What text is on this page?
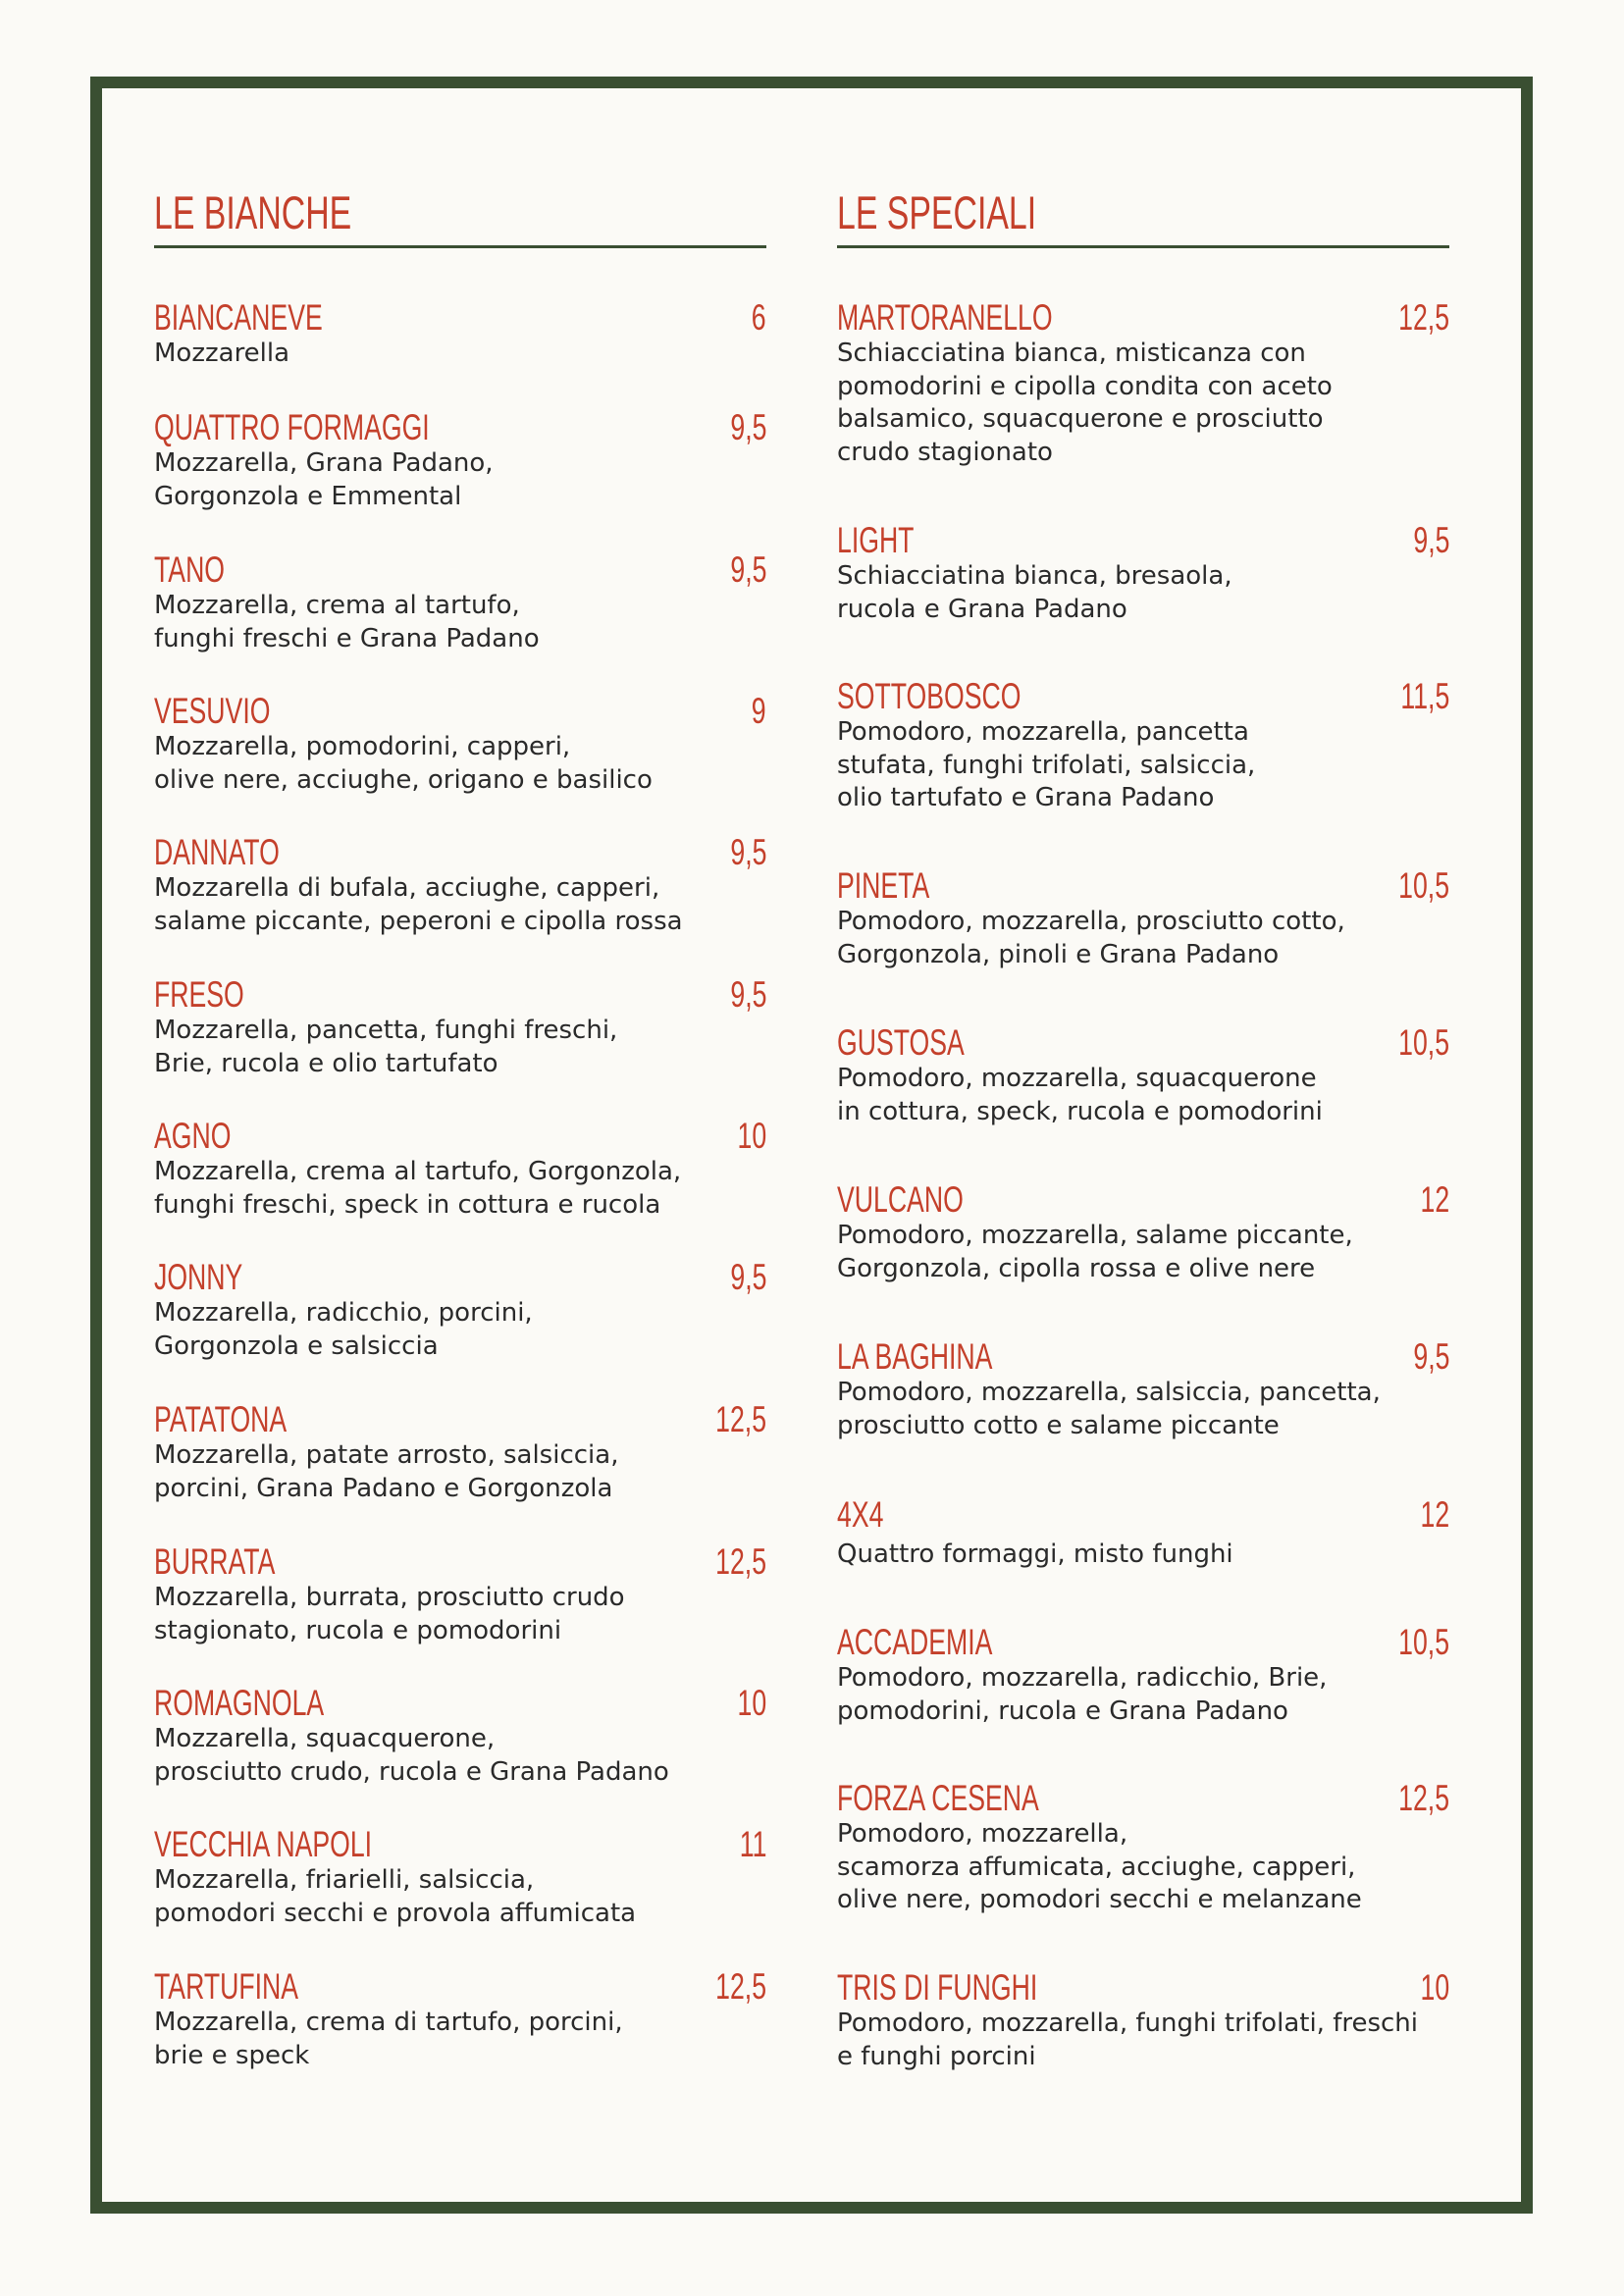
LE BIANCHE
BIANCANEVE	6

Mozzarella

QUATTRO FORMAGGI	9,5

Mozzarella, Grana Padano,
Gorgonzola e Emmental

TANO	9,5

Mozzarella, crema al tartufo,
funghi freschi e Grana Padano

VESUVIO	9

Mozzarella, pomodorini, capperi,
olive nere, acciughe, origano e basilico

DANNATO	9,5

Mozzarella di bufala, acciughe, capperi,
salame piccante, peperoni e cipolla rossa

FRESO	9,5

Mozzarella, pancetta, funghi freschi,
Brie, rucola e olio tartufato

AGNO	10

Mozzarella, crema al tartufo, Gorgonzola,
funghi freschi, speck in cottura e rucola

JONNY	9,5

Mozzarella, radicchio, porcini,
Gorgonzola e salsiccia

PATATONA	12,5

Mozzarella, patate arrosto, salsiccia,
porcini, Grana Padano e Gorgonzola

BURRATA	12,5

Mozzarella, burrata, prosciutto crudo
stagionato, rucola e pomodorini

ROMAGNOLA	10

Mozzarella, squacquerone,
prosciutto crudo, rucola e Grana Padano

VECCHIA NAPOLI	11

Mozzarella, friarielli, salsiccia,
pomodori secchi e provola affumicata

TARTUFINA	12,5

Mozzarella, crema di tartufo, porcini,
brie e speck

LE SPECIALI
MARTORANELLO	12,5

Schiacciatina bianca, misticanza con
pomodorini e cipolla condita con aceto
balsamico, squacquerone e prosciutto
crudo stagionato

LIGHT	9,5

Schiacciatina bianca, bresaola,
rucola e Grana Padano

SOTTOBOSCO	11,5

Pomodoro, mozzarella, pancetta
stufata, funghi trifolati, salsiccia,
olio tartufato e Grana Padano

PINETA	10,5

Pomodoro, mozzarella, prosciutto cotto,
Gorgonzola, pinoli e Grana Padano

GUSTOSA	10,5

Pomodoro, mozzarella, squacquerone
in cottura, speck, rucola e pomodorini

VULCANO	12

Pomodoro, mozzarella, salame piccante,
Gorgonzola, cipolla rossa e olive nere

LA BAGHINA	9,5

Pomodoro, mozzarella, salsiccia, pancetta,
prosciutto cotto e salame piccante

4X4	12

Quattro formaggi, misto funghi

ACCADEMIA	10,5

Pomodoro, mozzarella, radicchio, Brie,
pomodorini, rucola e Grana Padano

FORZA CESENA	12,5

Pomodoro, mozzarella,
scamorza affumicata, acciughe, capperi,
olive nere, pomodori secchi e melanzane

TRIS DI FUNGHI	10

Pomodoro, mozzarella, funghi trifolati, freschi
e funghi porcini
